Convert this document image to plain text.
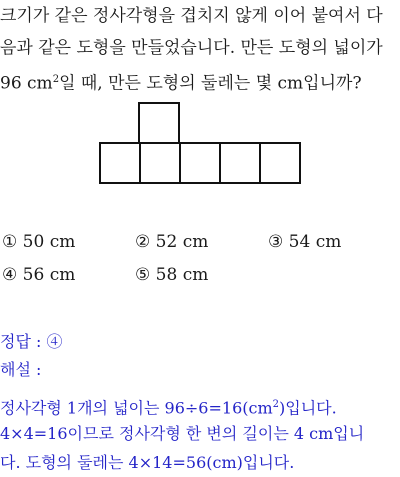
크기가 같은 정사각형을 겹치지 않게 이어 붙여서 다
음과 같은 도형을 만들었습니다. 만든 도형의 넓이가
96 $cm^2$일 때, 만든 도형의 둘레는 몇 cm입니까?
① 50 cm	② 52 cm	③ 54 cm
④ 56 cm	⑤ 58 cm
정답 : ④
해설 :
정사각형 1개의 넓이는 $96\div 6=16(cm^2)$입니다.
4×4=16이므로 정사각형 한 변의 길이는 4 cm입니
다. 도형의 둘레는 4×14=56(cm)입니다.
